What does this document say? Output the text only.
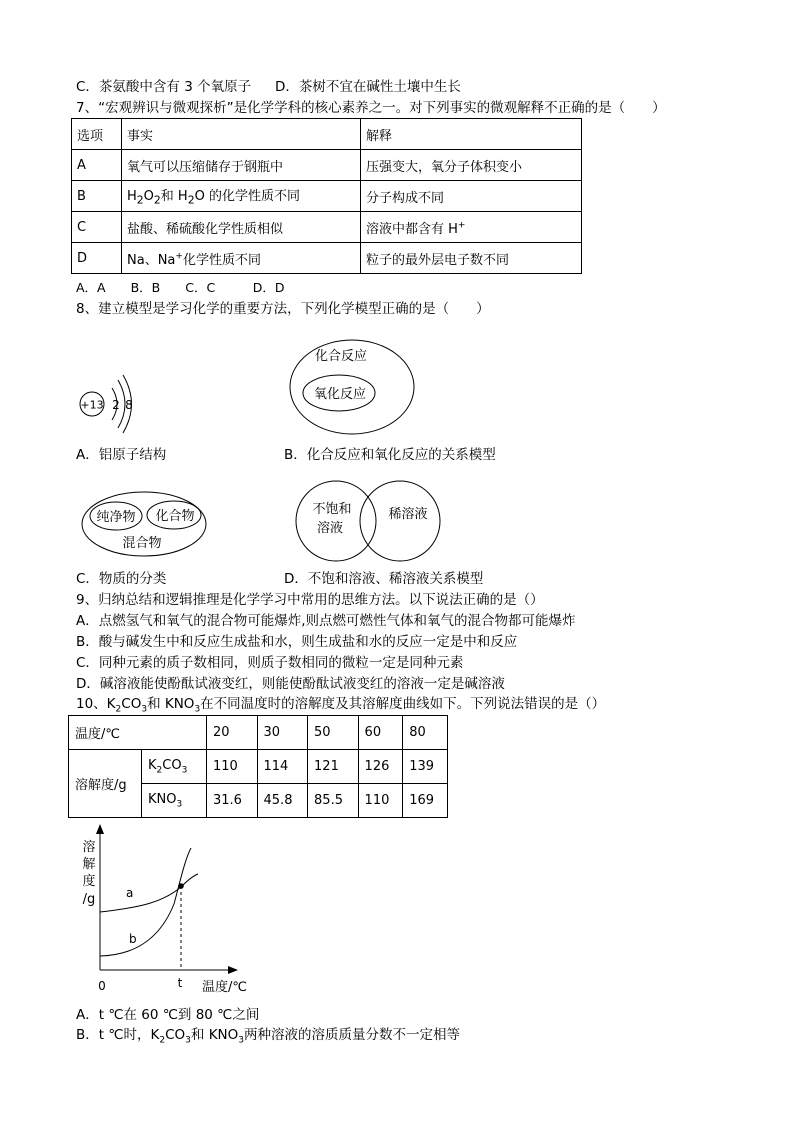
C．茶氨酸中含有 3 个氧原子 D．茶树不宜在碱性土壤中生长
7、“宏观辨识与微观探析”是化学学科的核心素养之一。对下列事实的微观解释不正确的是（　　）
选项	事实	解释
A	氧气可以压缩储存于钢瓶中	压强变大，氧分子体积变小
B	$H_2O_2$和 $H_2O$ 的化学性质不同	分子构成不同
C	盐酸、稀硫酸化学性质相似	溶液中都含有 H+
D	Na、Na+化学性质不同	粒子的最外层电子数不同
A．A　　B．B　　C．C　　　D．D
8、建立模型是学习化学的重要方法，下列化学模型正确的是（　　）
+13 2 8
化合反应
氧化反应
A．铝原子结构	B．化合反应和氧化反应的关系模型
纯净物 化合物
混合物
不饱和
溶液
稀溶液
C．物质的分类	D．不饱和溶液、稀溶液关系模型
9、归纳总结和逻辑推理是化学学习中常用的思维方法。以下说法正确的是（）
A．点燃氢气和氧气的混合物可能爆炸,则点燃可燃性气体和氧气的混合物都可能爆炸
B．酸与碱发生中和反应生成盐和水，则生成盐和水的反应一定是中和反应
C．同种元素的质子数相同，则质子数相同的微粒一定是同种元素
D．碱溶液能使酚酞试液变红，则能使酚酞试液变红的溶液一定是碱溶液
10、$K_2CO_3$和 $KNO_3$在不同温度时的溶解度及其溶解度曲线如下。下列说法错误的是（）
温度/℃		20	30	50	60	80
溶解度/g	$K_2CO_3$	110	114	121	126	139
	$KNO_3$	31.6	45.8	85.5	110	169
溶
解
度
/g	a
b
0	t 温度/℃
A．t ℃在 60 ℃到 80 ℃之间
B．t ℃时，$K_2CO_3$和 $KNO_3$两种溶液的溶质质量分数不一定相等
